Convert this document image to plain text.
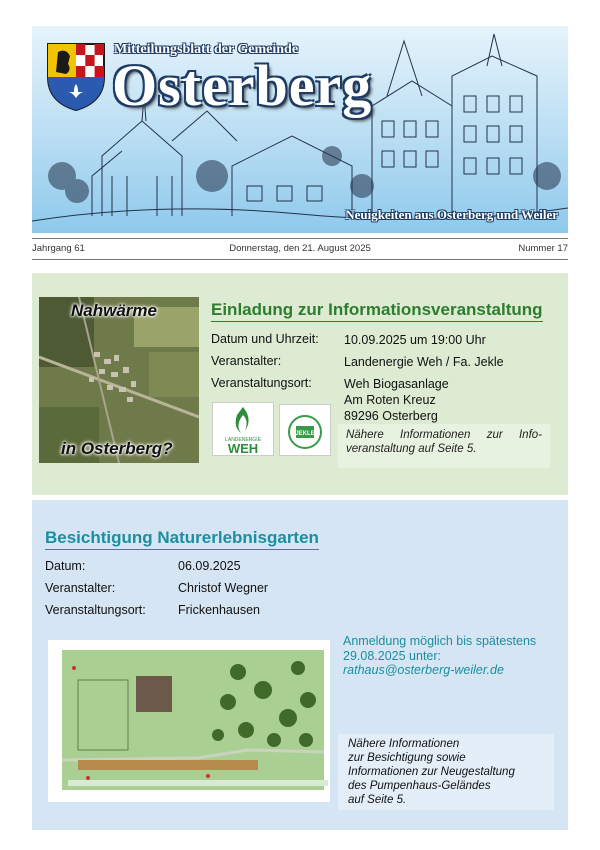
Mitteilungsblatt der Gemeinde
Osterberg
Neuigkeiten aus Osterberg und Weiler
Jahrgang 61	Donnerstag, den 21. August 2025	Nummer 17
Nahwärme
in Osterberg?
Einladung zur Informationsveranstaltung
Datum und Uhrzeit: 10.09.2025 um 19:00 Uhr
Veranstalter:	Landenergie Weh / Fa. Jekle
Veranstaltungsort:	Weh Biogasanlage
Am Roten Kreuz
89296 Osterberg
LANDENERGIE
WEH
JEKLE	Nähere Informationen zur Info-veranstaltung auf Seite 5.
Besichtigung Naturerlebnisgarten
Datum:	06.09.2025
Veranstalter:	Christof Wegner
Veranstaltungsort:	Frickenhausen
Anmeldung möglich bis spätestens
29.08.2025 unter:
rathaus@osterberg-weiler.de
Nähere Informationen
zur Besichtigung sowie
Informationen zur Neugestaltung
des Pumpenhaus-Geländes
auf Seite 5.
